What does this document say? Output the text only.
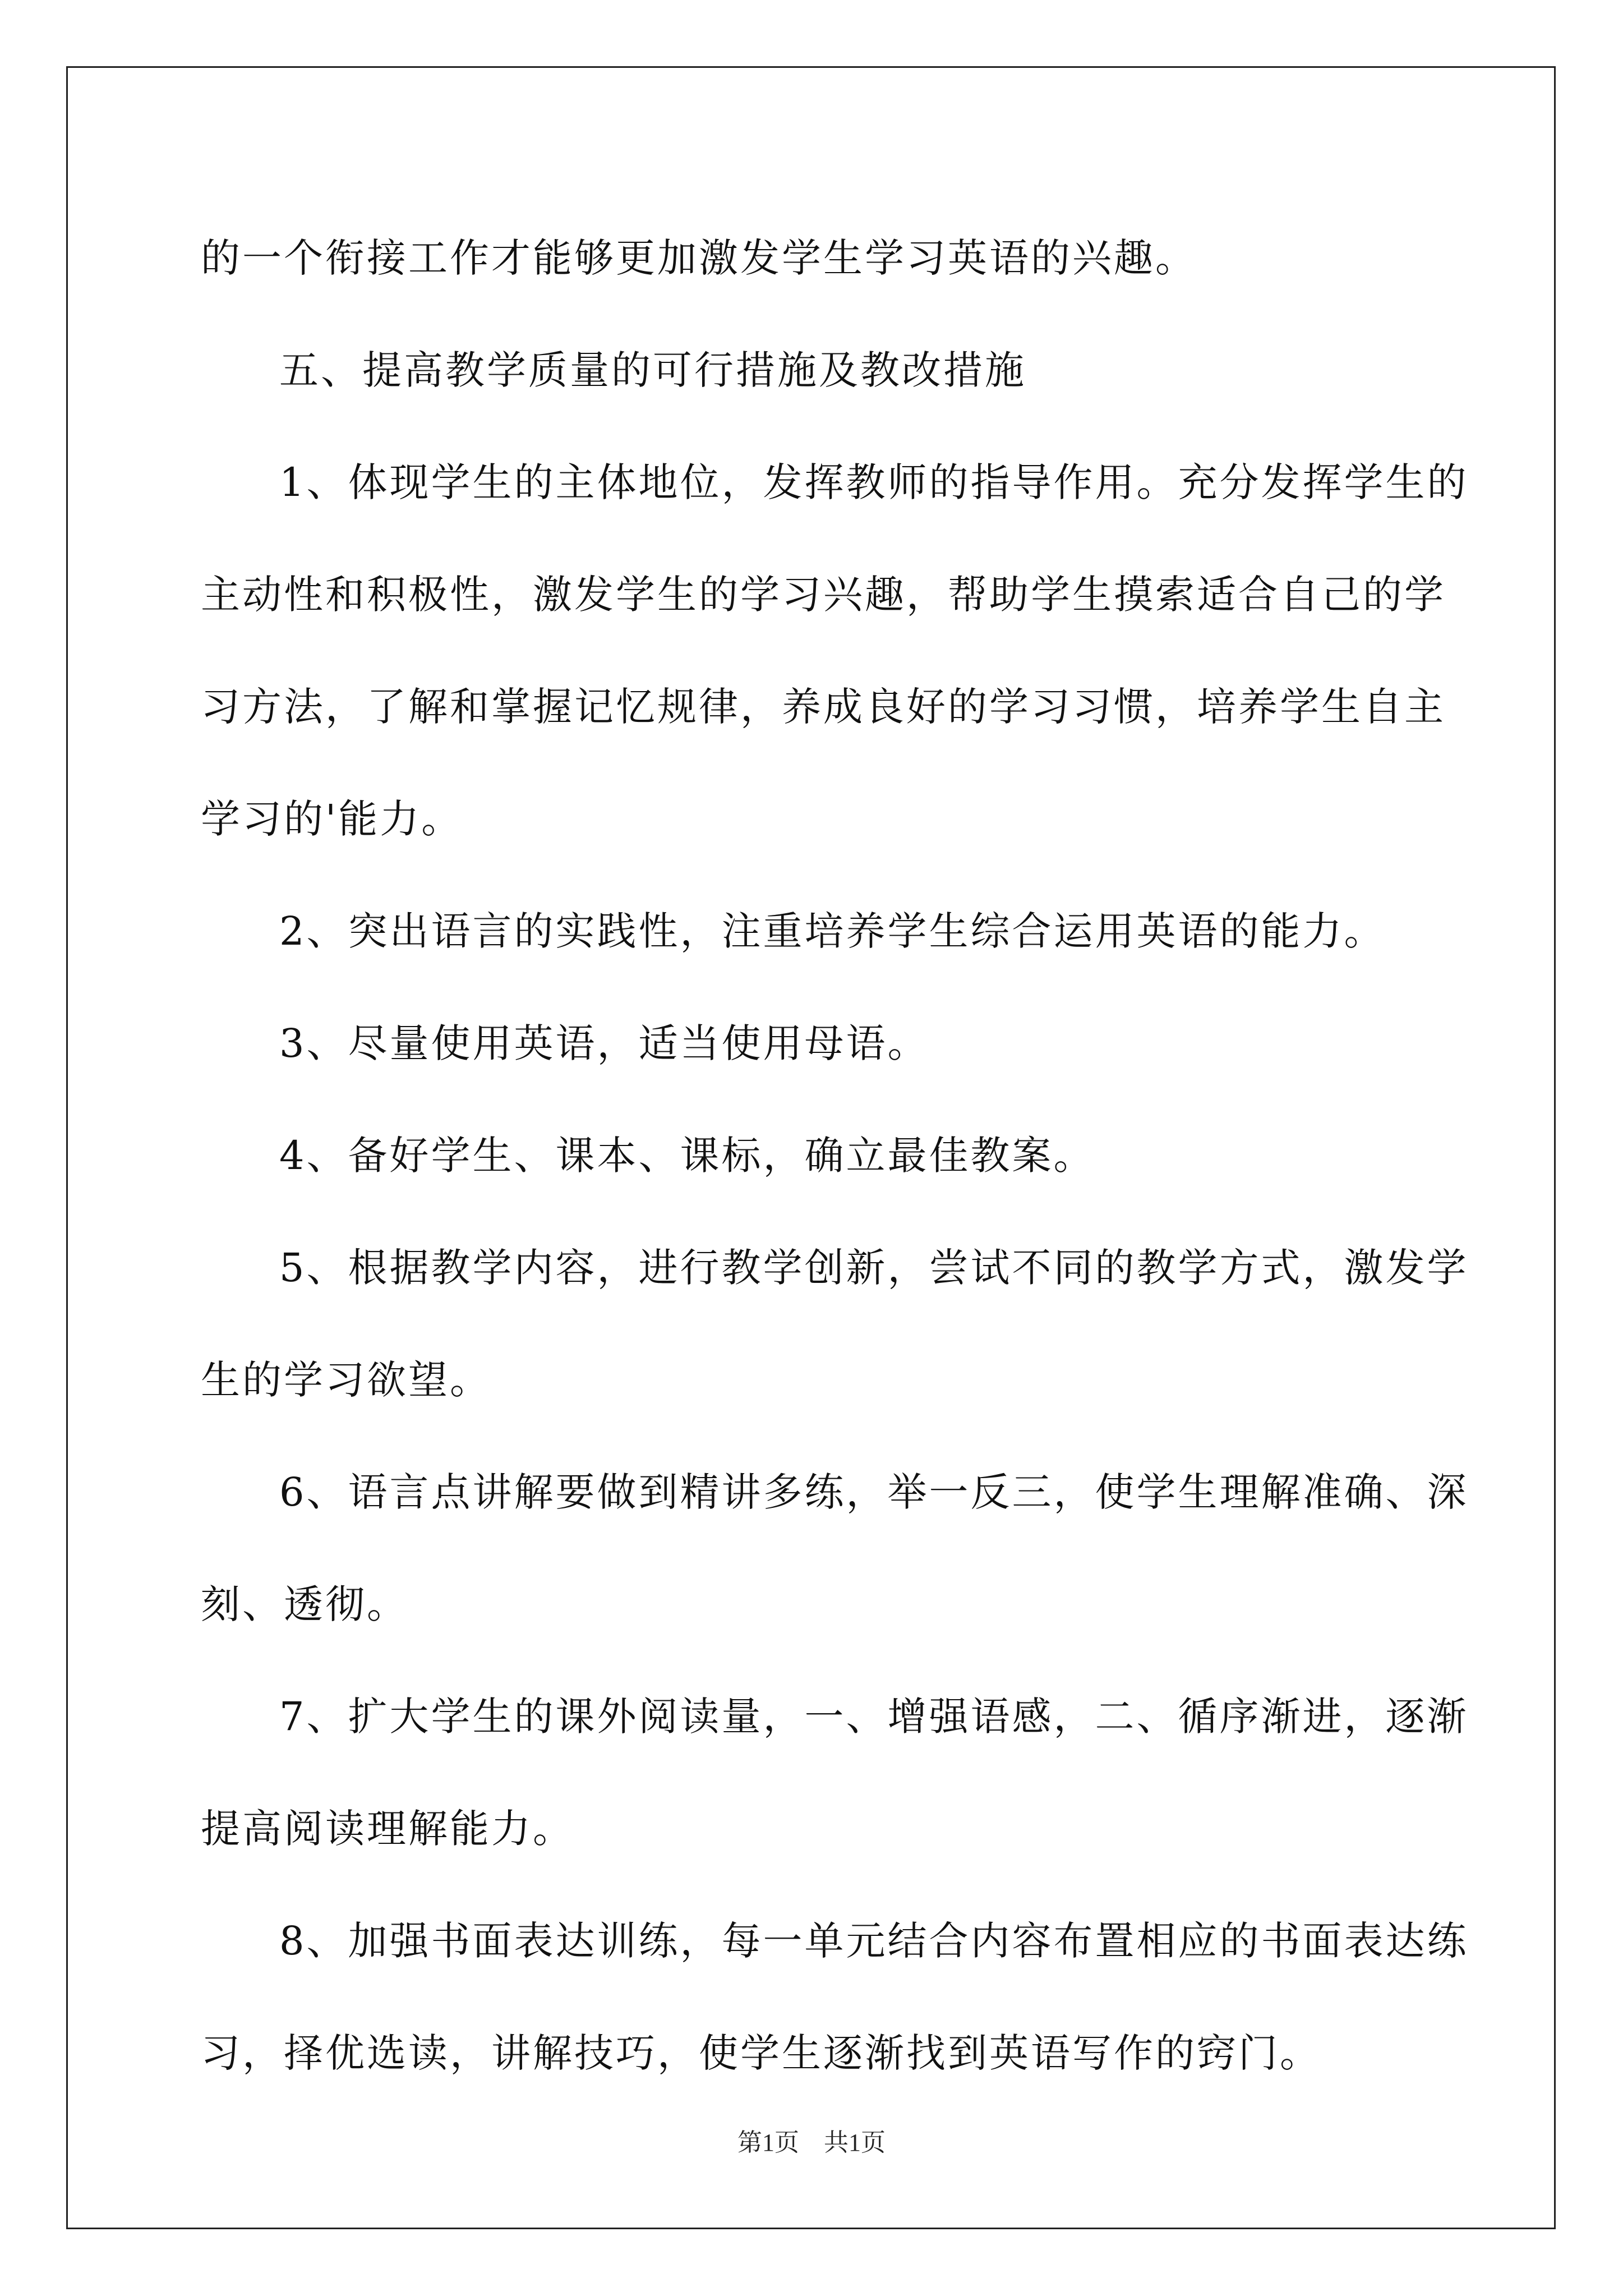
的一个衔接工作才能够更加激发学生学习英语的兴趣。
五、提高教学质量的可行措施及教改措施
1、体现学生的主体地位，发挥教师的指导作用。充分发挥学生的
主动性和积极性，激发学生的学习兴趣，帮助学生摸索适合自己的学
习方法，了解和掌握记忆规律，养成良好的学习习惯，培养学生自主
学习的'能力。
2、突出语言的实践性，注重培养学生综合运用英语的能力。
3、尽量使用英语，适当使用母语。
4、备好学生、课本、课标，确立最佳教案。
5、根据教学内容，进行教学创新，尝试不同的教学方式，激发学
生的学习欲望。
6、语言点讲解要做到精讲多练，举一反三，使学生理解准确、深
刻、透彻。
7、扩大学生的课外阅读量，一、增强语感，二、循序渐进，逐渐
提高阅读理解能力。
8、加强书面表达训练，每一单元结合内容布置相应的书面表达练
习，择优选读，讲解技巧，使学生逐渐找到英语写作的窍门。
第1页　共1页
